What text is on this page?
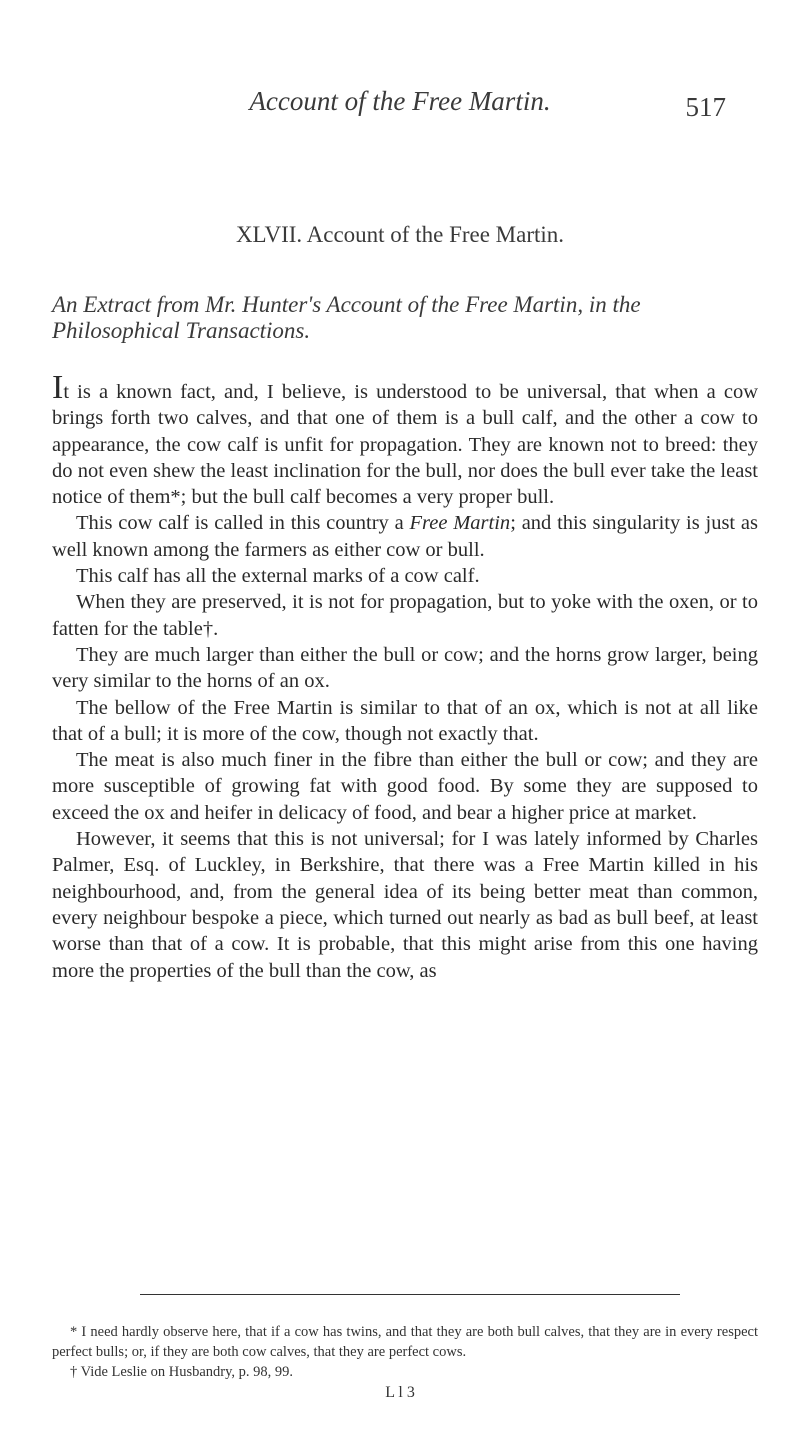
Account of the Free Martin.	517
XLVII. Account of the Free Martin.
An Extract from Mr. Hunter's Account of the Free Martin, in the Philosophical Transactions.

It is a known fact, and, I believe, is understood to be universal, that when a cow brings forth two calves, and that one of them is a bull calf, and the other a cow to appearance, the cow calf is unfit for propagation. They are known not to breed: they do not even shew the least inclination for the bull, nor does the bull ever take the least notice of them*; but the bull calf becomes a very proper bull.

This cow calf is called in this country a Free Martin; and this singularity is just as well known among the farmers as either cow or bull.

This calf has all the external marks of a cow calf.

When they are preserved, it is not for propagation, but to yoke with the oxen, or to fatten for the table†.

They are much larger than either the bull or cow; and the horns grow larger, being very similar to the horns of an ox.

The bellow of the Free Martin is similar to that of an ox, which is not at all like that of a bull; it is more of the cow, though not exactly that.

The meat is also much finer in the fibre than either the bull or cow; and they are more susceptible of growing fat with good food. By some they are supposed to exceed the ox and heifer in delicacy of food, and bear a higher price at market.

However, it seems that this is not universal; for I was lately informed by Charles Palmer, Esq. of Luckley, in Berkshire, that there was a Free Martin killed in his neighbourhood, and, from the general idea of its being better meat than common, every neighbour bespoke a piece, which turned out nearly as bad as bull beef, at least worse than that of a cow. It is probable, that this might arise from this one having more the properties of the bull than the cow, as

* I need hardly observe here, that if a cow has twins, and that they are both bull calves, that they are in every respect perfect bulls; or, if they are both cow calves, that they are perfect cows.

† Vide Leslie on Husbandry, p. 98, 99.

L l 3
